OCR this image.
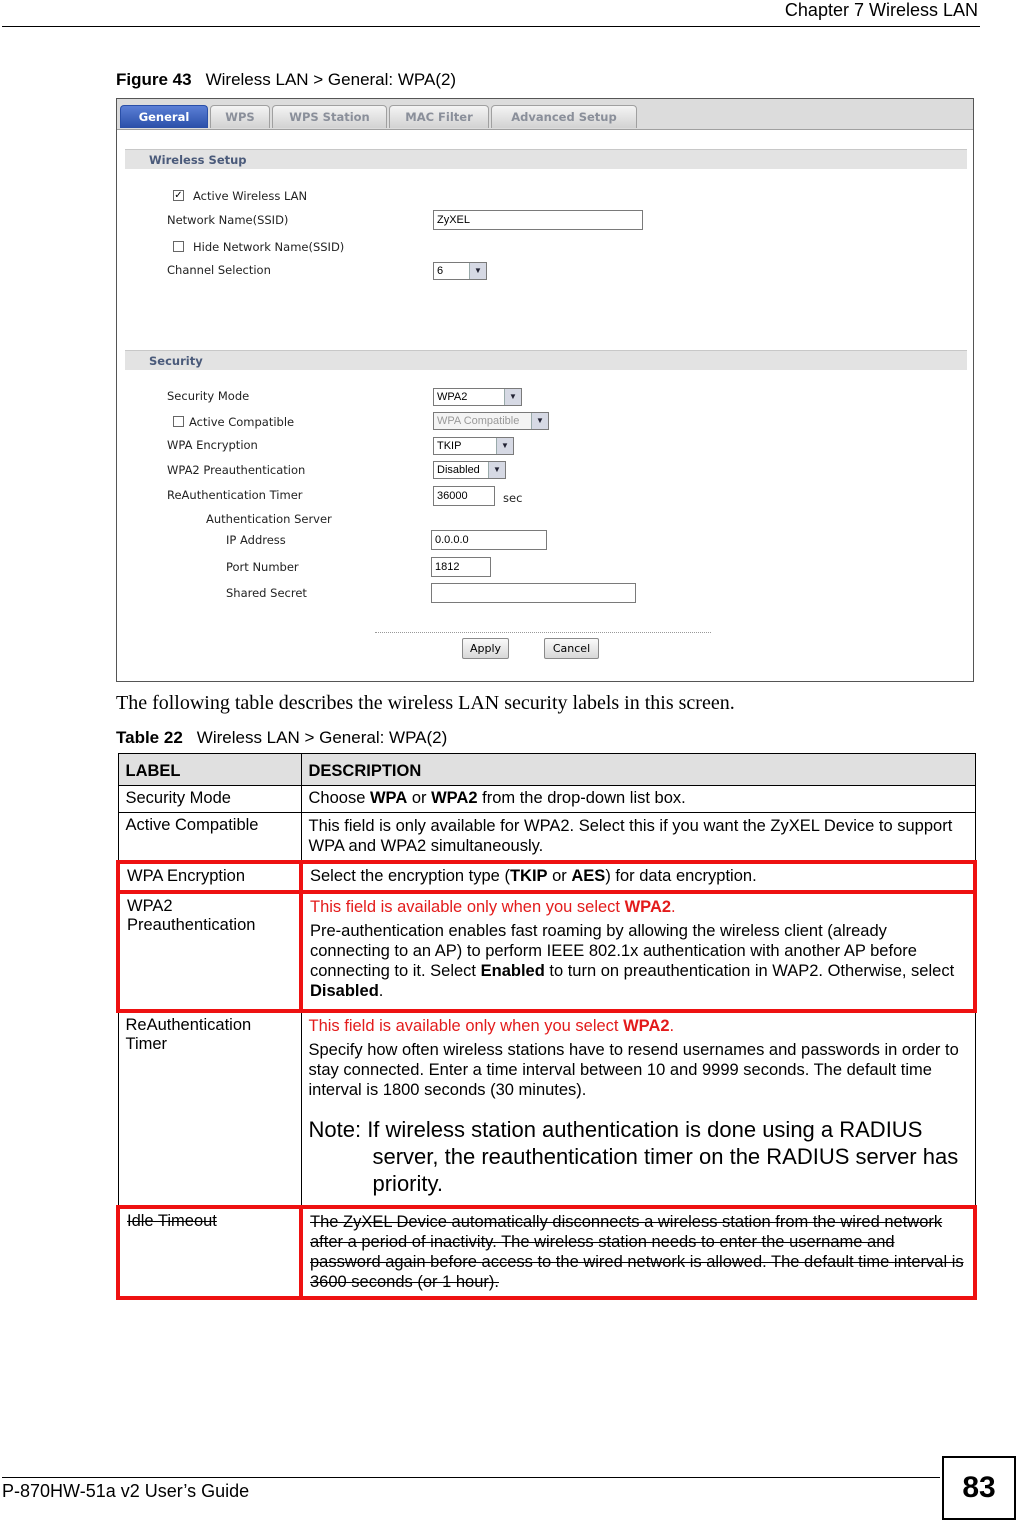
Chapter 7 Wireless LAN
Figure 43 Wireless LAN > General: WPA(2)
General	WPS	WPS Station	MAC Filter	Advanced Setup
Wireless Setup
✓ Active Wireless LAN
Network Name(SSID)	ZyXEL
Hide Network Name(SSID)
Channel Selection	6	▼
Security
Security Mode	WPA2	▼
Active Compatible	WPA Compatible	▼
WPA Encryption	TKIP	▼
WPA2 Preauthentication	Disabled	▼
ReAuthentication Timer	36000	sec
Authentication Server
IP Address	0.0.0.0
Port Number	1812
Shared Secret
Apply	Cancel
The following table describes the wireless LAN security labels in this screen.
Table 22 Wireless LAN > General: WPA(2)
LABEL	DESCRIPTION
Security Mode	Choose WPA or WPA2 from the drop-down list box.
Active Compatible	This field is only available for WPA2. Select this if you want the ZyXEL Device to support WPA and WPA2 simultaneously.
WPA Encryption	Select the encryption type (TKIP or AES) for data encryption.
WPA2 Preauthentication	This field is available only when you select WPA2.

Pre-authentication enables fast roaming by allowing the wireless client (already connecting to an AP) to perform IEEE 802.1x authentication with another AP before connecting to it. Select Enabled to turn on preauthentication in WAP2. Otherwise, select Disabled.

ReAuthentication Timer	This field is available only when you select WPA2.

Specify how often wireless stations have to resend usernames and passwords in order to stay connected. Enter a time interval between 10 and 9999 seconds. The default time interval is 1800 seconds (30 minutes).

Note: If wireless station authentication is done using a RADIUS server, the reauthentication timer on the RADIUS server has priority.

Idle Timeout	The ZyXEL Device automatically disconnects a wireless station from the wired network after a period of inactivity. The wireless station needs to enter the username and password again before access to the wired network is allowed. The default time interval is 3600 seconds (or 1 hour).
P-870HW-51a v2 User’s Guide	83
